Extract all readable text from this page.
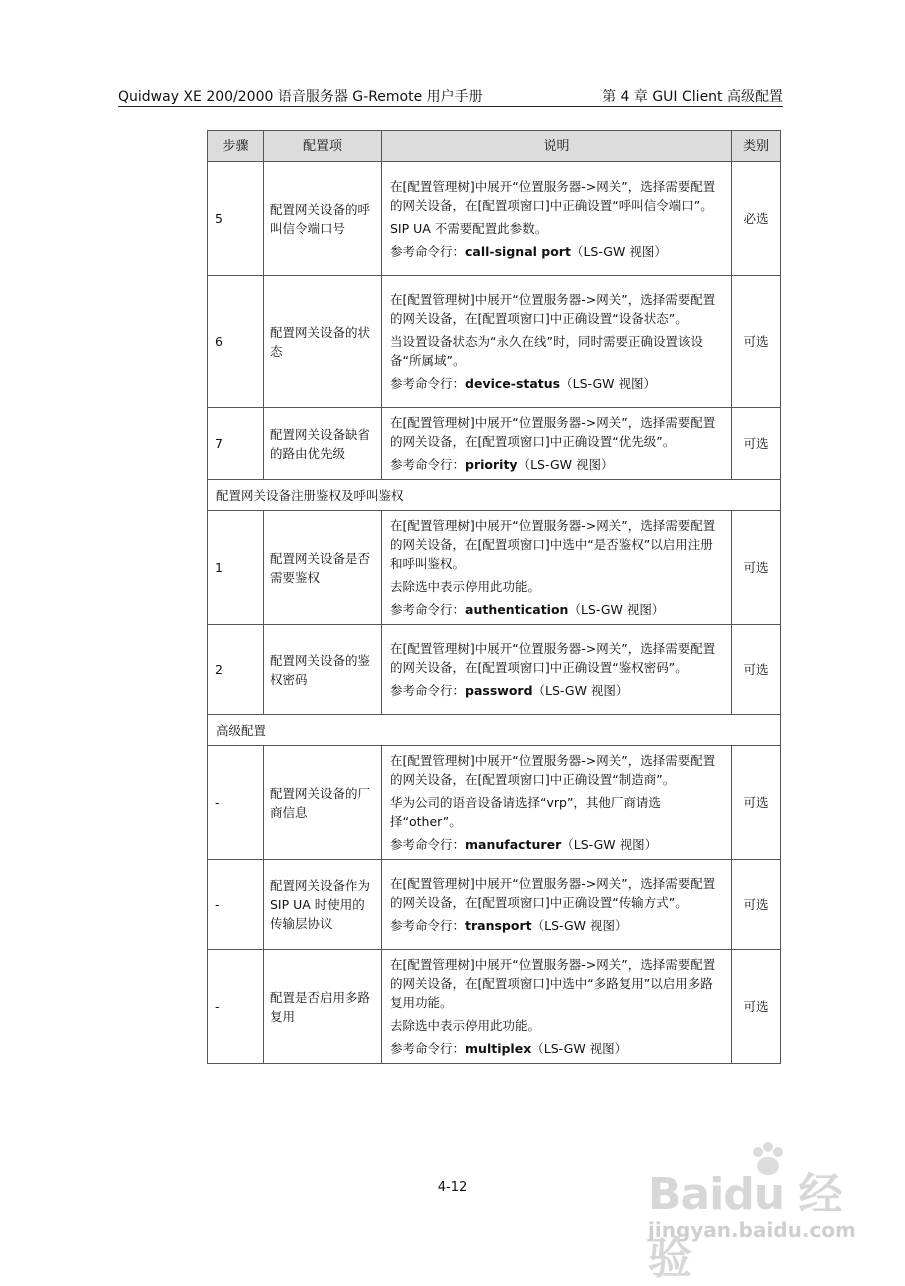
Quidway XE 200/2000 语音服务器 G-Remote 用户手册	第 4 章 GUI Client 高级配置
步骤	配置项	说明	类别
5	配置网关设备的呼叫信令端口号	在[配置管理树]中展开“位置服务器->网关”，选择需要配置的网关设备，在[配置项窗口]中正确设置“呼叫信令端口”。

SIP UA 不需要配置此参数。

参考命令行：call-signal port（LS-GW 视图）	必选
6	配置网关设备的状态	在[配置管理树]中展开“位置服务器->网关”，选择需要配置的网关设备，在[配置项窗口]中正确设置“设备状态”。

当设置设备状态为“永久在线”时，同时需要正确设置该设备“所属域”。

参考命令行：device-status（LS-GW 视图）	可选
7	配置网关设备缺省的路由优先级	在[配置管理树]中展开“位置服务器->网关”，选择需要配置的网关设备，在[配置项窗口]中正确设置“优先级”。

参考命令行：priority（LS-GW 视图）	可选
配置网关设备注册鉴权及呼叫鉴权			
1	配置网关设备是否需要鉴权	在[配置管理树]中展开“位置服务器->网关”，选择需要配置的网关设备，在[配置项窗口]中选中“是否鉴权”以启用注册和呼叫鉴权。

去除选中表示停用此功能。

参考命令行：authentication（LS-GW 视图）	可选
2	配置网关设备的鉴权密码	在[配置管理树]中展开“位置服务器->网关”，选择需要配置的网关设备，在[配置项窗口]中正确设置“鉴权密码”。

参考命令行：password（LS-GW 视图）	可选
高级配置			
-	配置网关设备的厂商信息	在[配置管理树]中展开“位置服务器->网关”，选择需要配置的网关设备，在[配置项窗口]中正确设置“制造商”。

华为公司的语音设备请选择“vrp”，其他厂商请选择“other”。

参考命令行：manufacturer（LS-GW 视图）	可选
-	配置网关设备作为 SIP UA 时使用的传输层协议	在[配置管理树]中展开“位置服务器->网关”，选择需要配置的网关设备，在[配置项窗口]中正确设置“传输方式”。

参考命令行：transport（LS-GW 视图）	可选
-	配置是否启用多路复用	在[配置管理树]中展开“位置服务器->网关”，选择需要配置的网关设备，在[配置项窗口]中选中“多路复用”以启用多路复用功能。

去除选中表示停用此功能。

参考命令行：multiplex（LS-GW 视图）	可选
4-12	Baidu 经验
jingyan.baidu.com
